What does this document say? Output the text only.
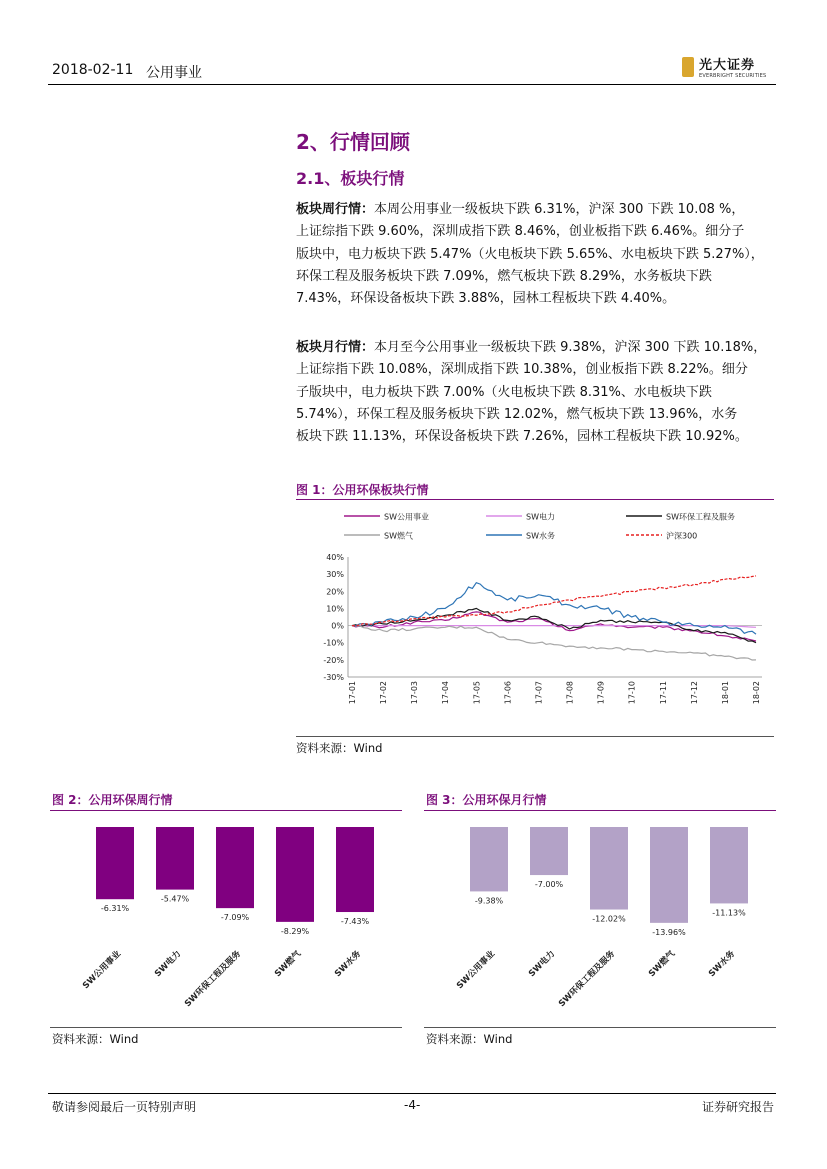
2018-02-11 公用事业	光大证券
EVERBRIGHT SECURITIES
2、行情回顾
2.1、板块行情
板块周行情：本周公用事业一级板块下跌 6.31%，沪深 300 下跌 10.08 %，
上证综指下跌 9.60%，深圳成指下跌 8.46%，创业板指下跌 6.46%。细分子
版块中，电力板块下跌 5.47%（火电板块下跌 5.65%、水电板块下跌 5.27%），
环保工程及服务板块下跌 7.09%，燃气板块下跌 8.29%，水务板块下跌
7.43%，环保设备板块下跌 3.88%，园林工程板块下跌 4.40%。
板块月行情：本月至今公用事业一级板块下跌 9.38%，沪深 300 下跌 10.18%，
上证综指下跌 10.08%，深圳成指下跌 10.38%，创业板指下跌 8.22%。细分
子版块中，电力板块下跌 7.00%（火电板块下跌 8.31%、水电板块下跌
5.74%），环保工程及服务板块下跌 12.02%，燃气板块下跌 13.96%，水务
板块下跌 11.13%，环保设备板块下跌 7.26%，园林工程板块下跌 10.92%。
图 1：公用环保板块行情
SW公用事业	SW电力	SW环保工程及服务
SW燃气	SW水务	沪深300
40%
30%
20%
10%
0%
-10%
-20%
-30%
17-01	17-02	17-03	17-04	17-05	17-06	17-07	17-08	17-09	17-10	17-11	17-12	18-01	18-02
资料来源：Wind
图 2：公用环保周行情
-6.31%
SW公用事业
-5.47%
SW电力
-7.09%
SW环保工程及服务
-8.29%
SW燃气
-7.43%
SW水务
资料来源：Wind
图 3：公用环保月行情
-9.38%
SW公用事业
-7.00%
SW电力
-12.02%
SW环保工程及服务
-13.96%
SW燃气
-11.13%
SW水务
资料来源：Wind
敬请参阅最后一页特别声明	-4-	证券研究报告
